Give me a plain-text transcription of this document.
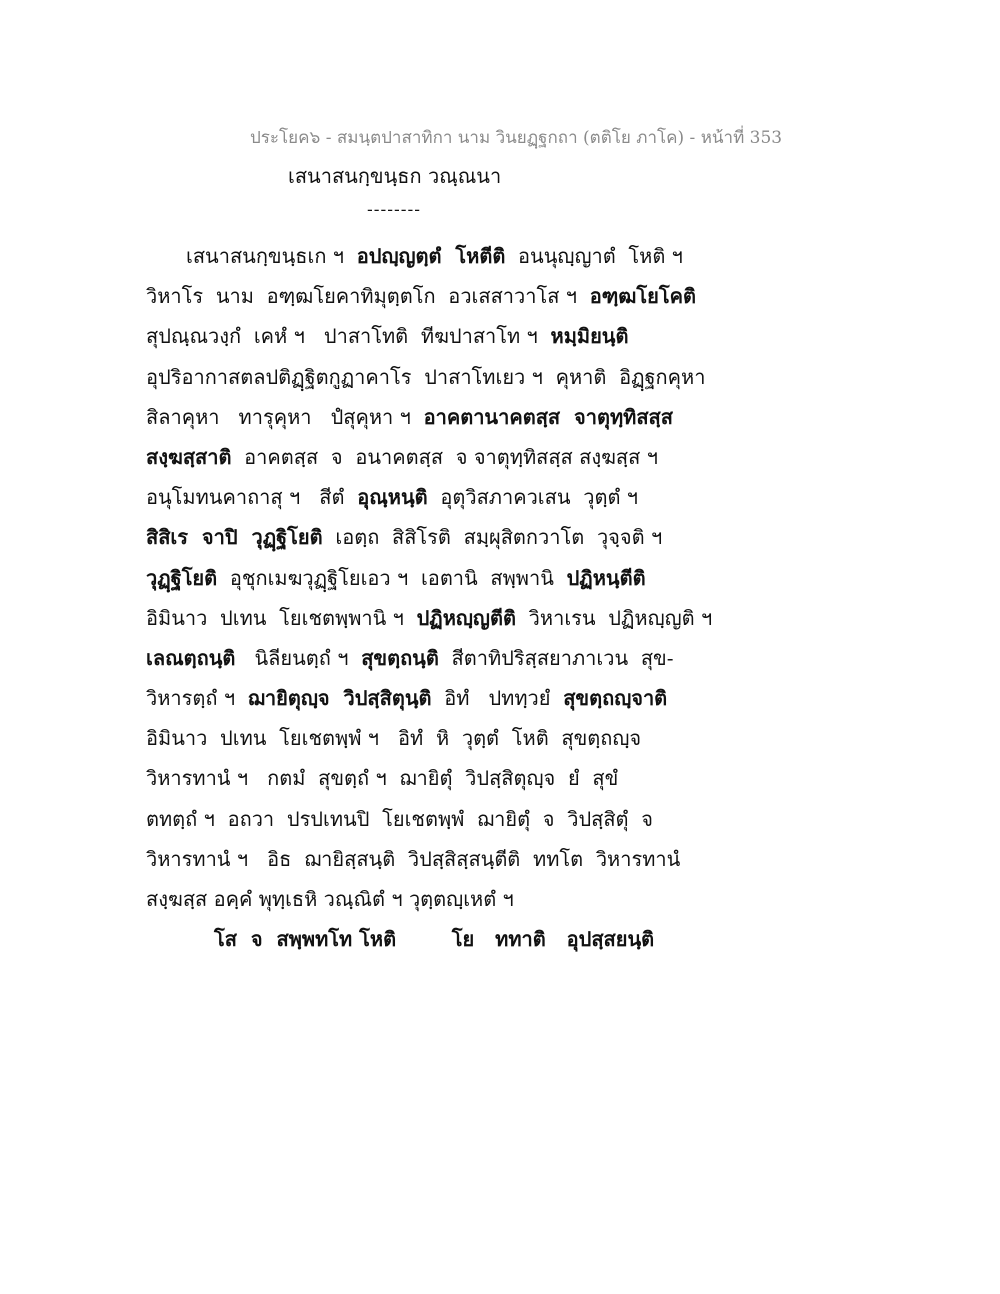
ประโยค๖ - สมนฺตปาสาทิกา นาม วินยฏฺฐกถา (ตติโย ภาโค) - หน้าที่ 353
เสนาสนกฺขนฺธก วณฺณนา
--------
เสนาสนกฺขนฺธเก ฯ  อปญฺญตฺตํ  โหตีติ  อนนุญฺญาตํ  โหติ ฯ
วิหาโร  นาม  อฑฺฒโยคาทิมุตฺตโก  อวเสสาวาโส ฯ  อฑฺฒโยโคติ
สุปณฺณวงฺกํ  เคหํ ฯ   ปาสาโทติ  ทีฆปาสาโท ฯ  หมฺมิยนฺติ
อุปริอากาสตลปติฏฺฐิตกูฏาคาโร  ปาสาโทเยว ฯ  คุหาติ  อิฏฺฐกคุหา
สิลาคุหา   ทารุคุหา   ปํสุคุหา ฯ  อาคตานาคตสฺส  จาตุทฺทิสสฺส
สงฺฆสฺสาติ  อาคตสฺส  จ  อนาคตสฺส  จ จาตุทฺทิสสฺส สงฺฆสฺส ฯ
อนุโมทนคาถาสุ ฯ   สีตํ  อุณฺหนฺติ  อุตุวิสภาควเสน  วุตฺตํ ฯ
สิสิเร  จาปิ  วุฏฺฐิโยติ  เอตฺถ  สิสิโรติ  สมฺผุสิตกวาโต  วุจฺจติ ฯ
วุฏฺฐิโยติ  อุชุกเมฆวุฏฺฐิโยเอว ฯ  เอตานิ  สพฺพานิ  ปฏิหนฺตีติ
อิมินาว  ปเทน  โยเชตพฺพานิ ฯ  ปฏิหญฺญตีติ  วิหาเรน  ปฏิหญฺญติ ฯ
เลณตฺถนฺติ   นิลียนตฺถํ ฯ  สุขตฺถนฺติ  สีตาทิปริสฺสยาภาเวน  สุข-
วิหารตฺถํ ฯ  ฌายิตุญฺจ  วิปสฺสิตุนฺติ  อิทํ   ปททฺวยํ  สุขตฺถญฺจาติ
อิมินาว  ปเทน  โยเชตพฺพํ ฯ   อิทํ  หิ  วุตฺตํ  โหติ  สุขตฺถญฺจ
วิหารทานํ ฯ   กตมํ  สุขตฺถํ ฯ  ฌายิตุํ  วิปสฺสิตุญฺจ  ยํ  สุขํ
ตทตฺถํ ฯ  อถวา  ปรปเทนปิ  โยเชตพฺพํ  ฌายิตุํ  จ  วิปสฺสิตุํ  จ
วิหารทานํ ฯ   อิธ  ฌายิสฺสนฺติ  วิปสฺสิสฺสนฺตีติ  ททโต  วิหารทานํ
สงฺฆสฺส อคฺคํ พุทฺเธหิ วณฺณิตํ ฯ วุตฺตญฺเหตํ ฯ
โส  จ  สพฺพทโท โหติ        โย   ททาติ   อุปสฺสยนฺติ
